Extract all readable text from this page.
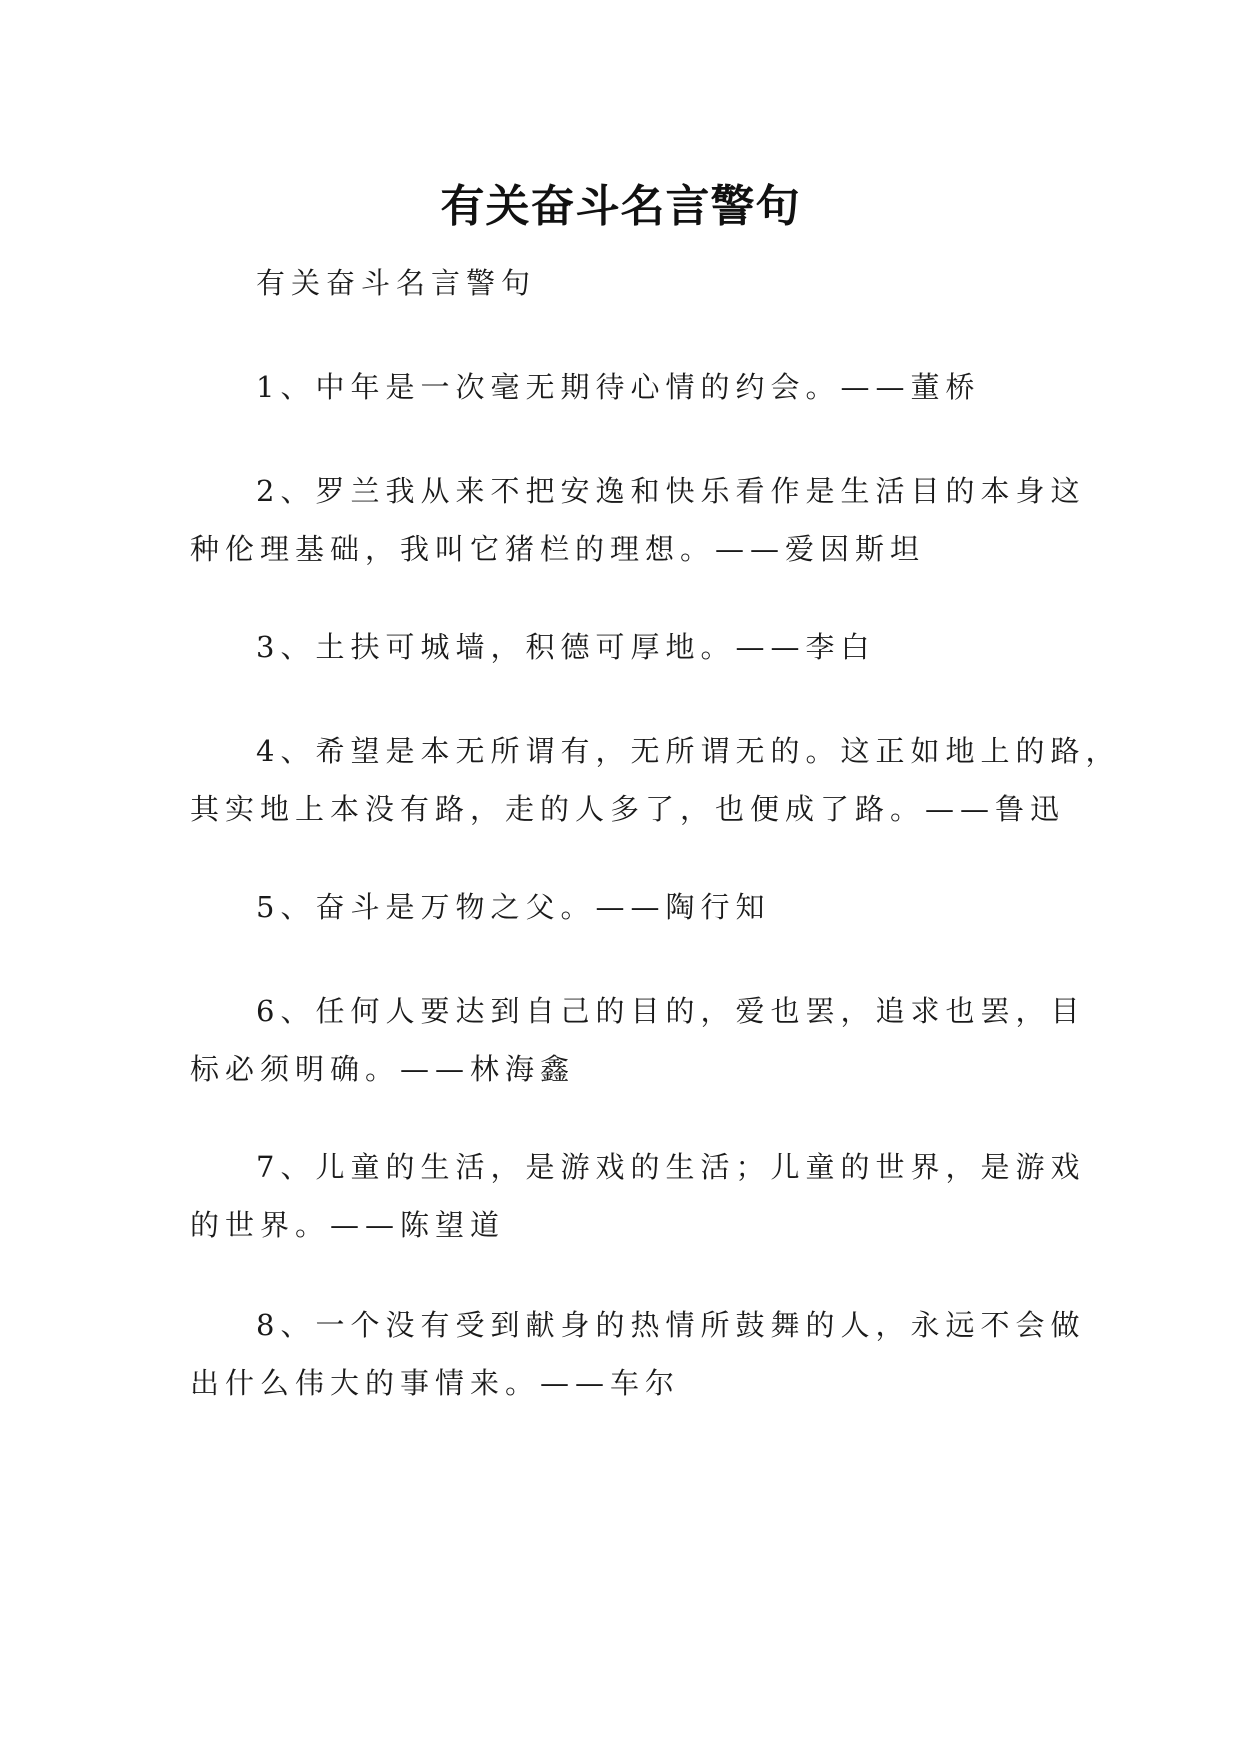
有关奋斗名言警句
有关奋斗名言警句
1、中年是一次毫无期待心情的约会。——董桥
2、罗兰我从来不把安逸和快乐看作是生活目的本身这
种伦理基础，我叫它猪栏的理想。——爱因斯坦
3、土扶可城墙，积德可厚地。——李白
4、希望是本无所谓有，无所谓无的。这正如地上的路，
其实地上本没有路，走的人多了，也便成了路。——鲁迅
5、奋斗是万物之父。——陶行知
6、任何人要达到自己的目的，爱也罢，追求也罢，目
标必须明确。——林海鑫
7、儿童的生活，是游戏的生活；儿童的世界，是游戏
的世界。——陈望道
8、一个没有受到献身的热情所鼓舞的人，永远不会做
出什么伟大的事情来。——车尔
